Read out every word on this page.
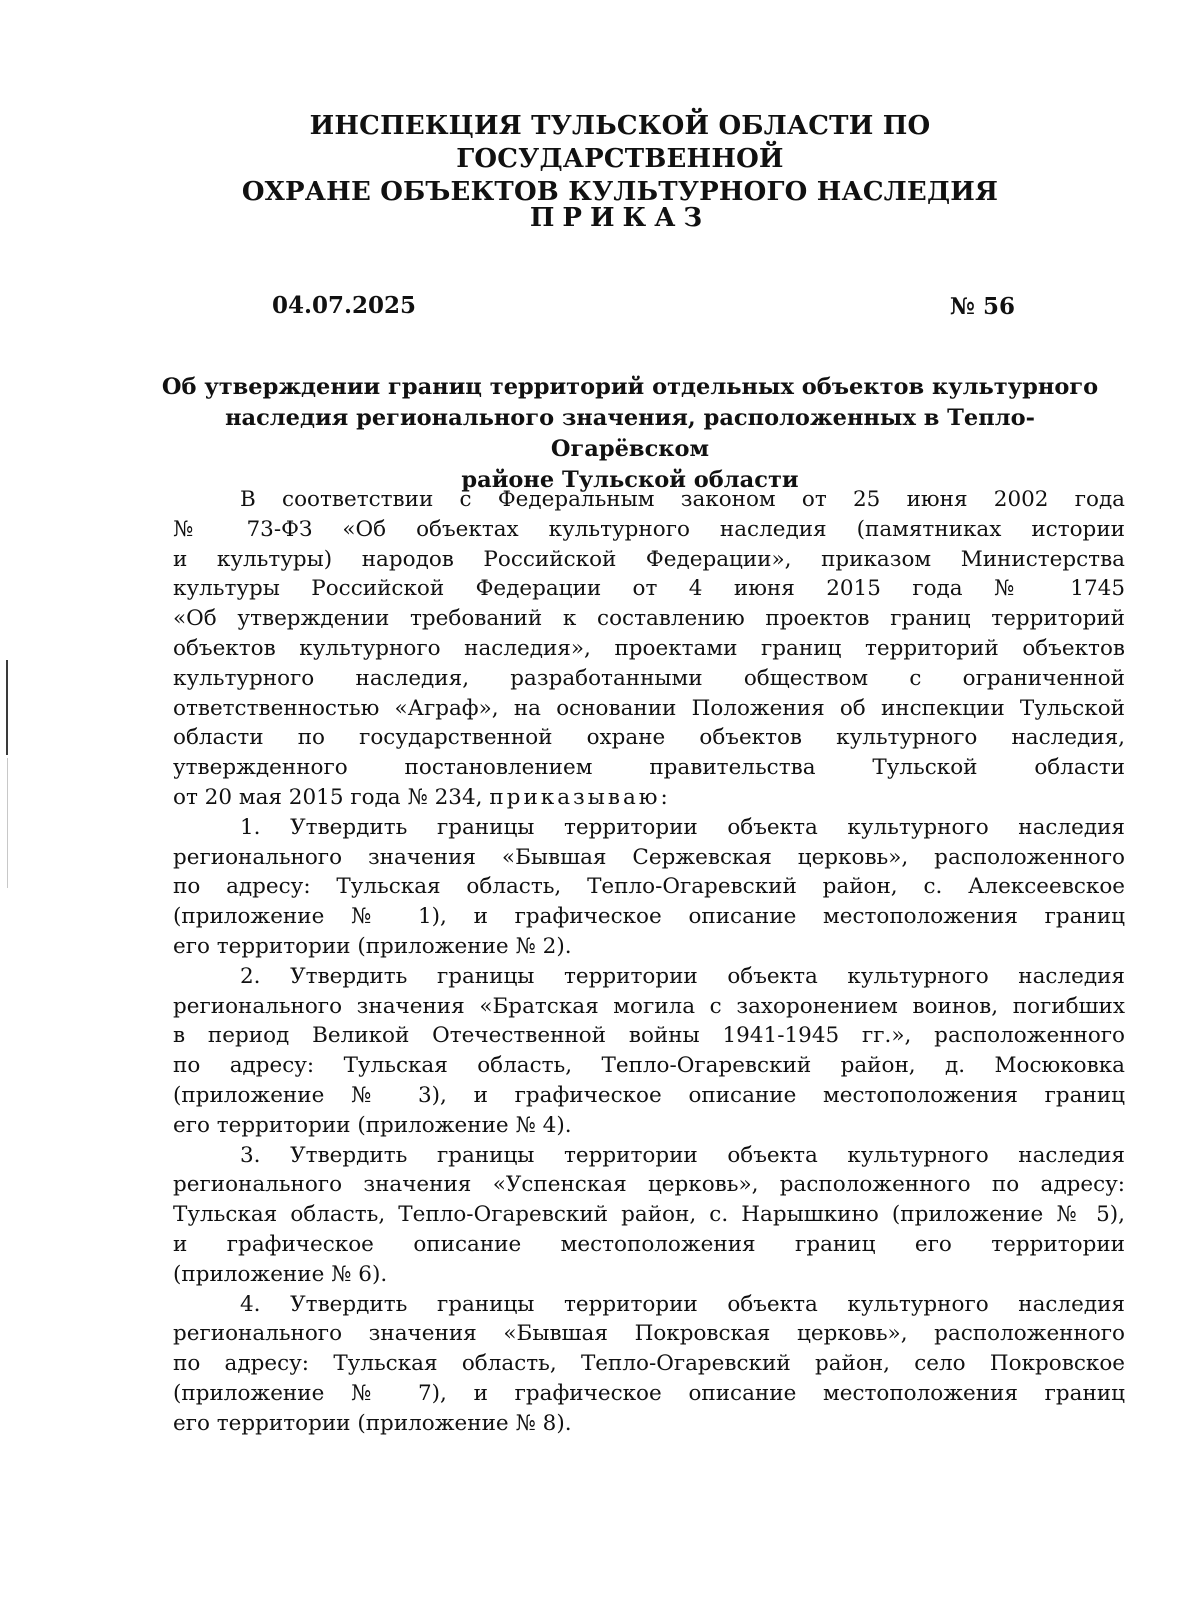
ИНСПЕКЦИЯ ТУЛЬСКОЙ ОБЛАСТИ ПО ГОСУДАРСТВЕННОЙ
ОХРАНЕ ОБЪЕКТОВ КУЛЬТУРНОГО НАСЛЕДИЯ
ПРИКАЗ
04.07.2025	№ 56
Об утверждении границ территорий отдельных объектов культурного
наследия регионального значения, расположенных в Тепло-Огарёвском
районе Тульской области
В соответствии с Федеральным законом от 25 июня 2002 года
№ 73-ФЗ «Об объектах культурного наследия (памятниках истории
и культуры) народов Российской Федерации», приказом Министерства
культуры Российской Федерации от 4 июня 2015 года № 1745
«Об утверждении требований к составлению проектов границ территорий
объектов культурного наследия», проектами границ территорий объектов
культурного наследия, разработанными обществом с ограниченной
ответственностью «Аграф», на основании Положения об инспекции Тульской
области по государственной охране объектов культурного наследия,
утвержденного постановлением правительства Тульской области
от 20 мая 2015 года № 234, приказываю:
1. Утвердить границы территории объекта культурного наследия
регионального значения «Бывшая Сержевская церковь», расположенного
по адресу: Тульская область, Тепло-Огаревский район, с. Алексеевское
(приложение № 1), и графическое описание местоположения границ
его территории (приложение № 2).
2. Утвердить границы территории объекта культурного наследия
регионального значения «Братская могила с захоронением воинов, погибших
в период Великой Отечественной войны 1941-1945 гг.», расположенного
по адресу: Тульская область, Тепло-Огаревский район, д. Мосюковка
(приложение № 3), и графическое описание местоположения границ
его территории (приложение № 4).
3. Утвердить границы территории объекта культурного наследия
регионального значения «Успенская церковь», расположенного по адресу:
Тульская область, Тепло-Огаревский район, с. Нарышкино (приложение № 5),
и графическое описание местоположения границ его территории
(приложение № 6).
4. Утвердить границы территории объекта культурного наследия
регионального значения «Бывшая Покровская церковь», расположенного
по адресу: Тульская область, Тепло-Огаревский район, село Покровское
(приложение № 7), и графическое описание местоположения границ
его территории (приложение № 8).
